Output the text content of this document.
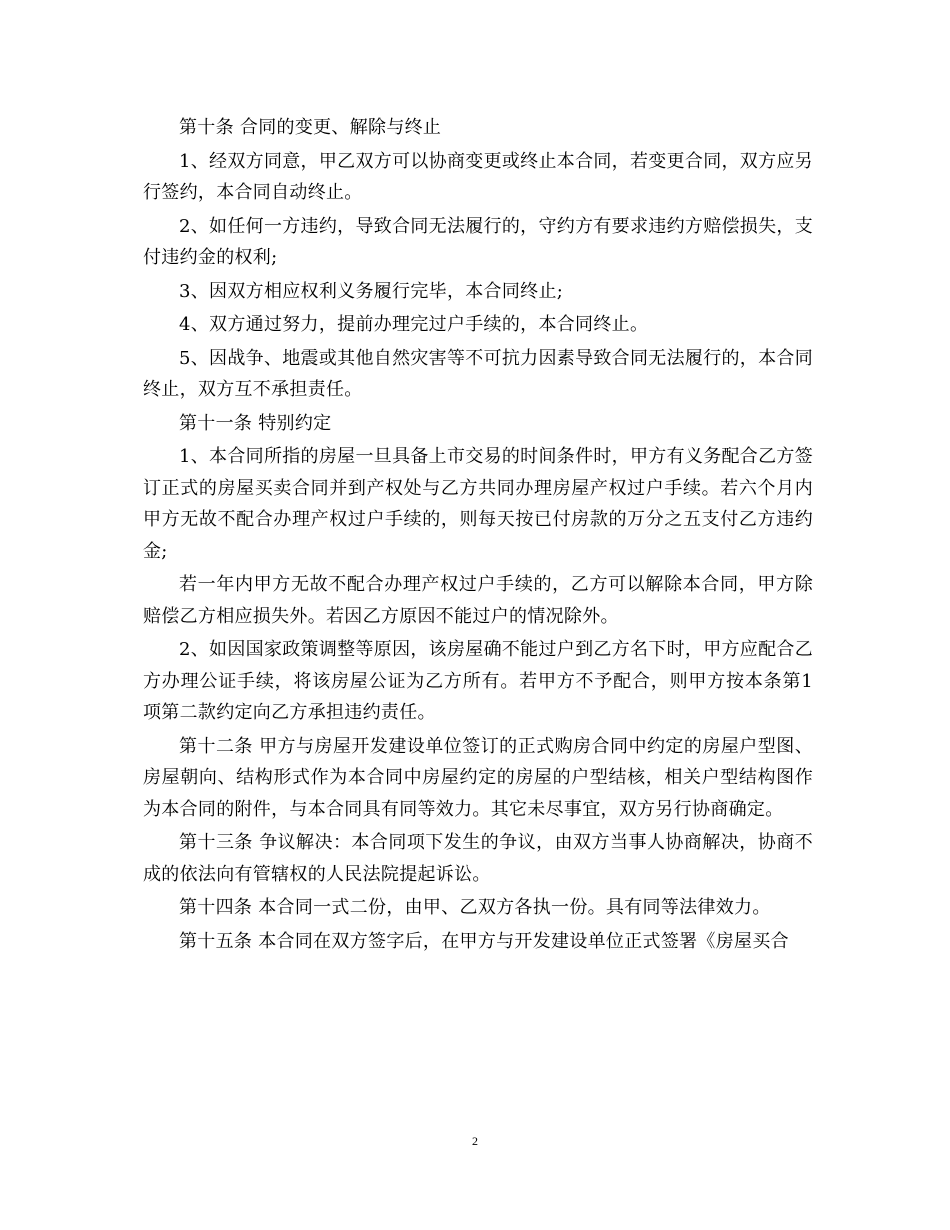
第十条 合同的变更、解除与终止

1、经双方同意，甲乙双方可以协商变更或终止本合同，若变更合同，双方应另行签约，本合同自动终止。

2、如任何一方违约，导致合同无法履行的，守约方有要求违约方赔偿损失，支付违约金的权利;

3、因双方相应权利义务履行完毕，本合同终止;

4、双方通过努力，提前办理完过户手续的，本合同终止。

5、因战争、地震或其他自然灾害等不可抗力因素导致合同无法履行的，本合同终止，双方互不承担责任。

第十一条 特别约定

1、本合同所指的房屋一旦具备上市交易的时间条件时，甲方有义务配合乙方签订正式的房屋买卖合同并到产权处与乙方共同办理房屋产权过户手续。若六个月内甲方无故不配合办理产权过户手续的，则每天按已付房款的万分之五支付乙方违约金;

若一年内甲方无故不配合办理产权过户手续的，乙方可以解除本合同，甲方除赔偿乙方相应损失外。若因乙方原因不能过户的情况除外。

2、如因国家政策调整等原因，该房屋确不能过户到乙方名下时，甲方应配合乙方办理公证手续，将该房屋公证为乙方所有。若甲方不予配合，则甲方按本条第1项第二款约定向乙方承担违约责任。

第十二条 甲方与房屋开发建设单位签订的正式购房合同中约定的房屋户型图、房屋朝向、结构形式作为本合同中房屋约定的房屋的户型结核，相关户型结构图作为本合同的附件，与本合同具有同等效力。其它未尽事宜，双方另行协商确定。

第十三条 争议解决：本合同项下发生的争议，由双方当事人协商解决，协商不成的依法向有管辖权的人民法院提起诉讼。

第十四条 本合同一式二份，由甲、乙双方各执一份。具有同等法律效力。

第十五条 本合同在双方签字后，在甲方与开发建设单位正式签署《房屋买合

2
